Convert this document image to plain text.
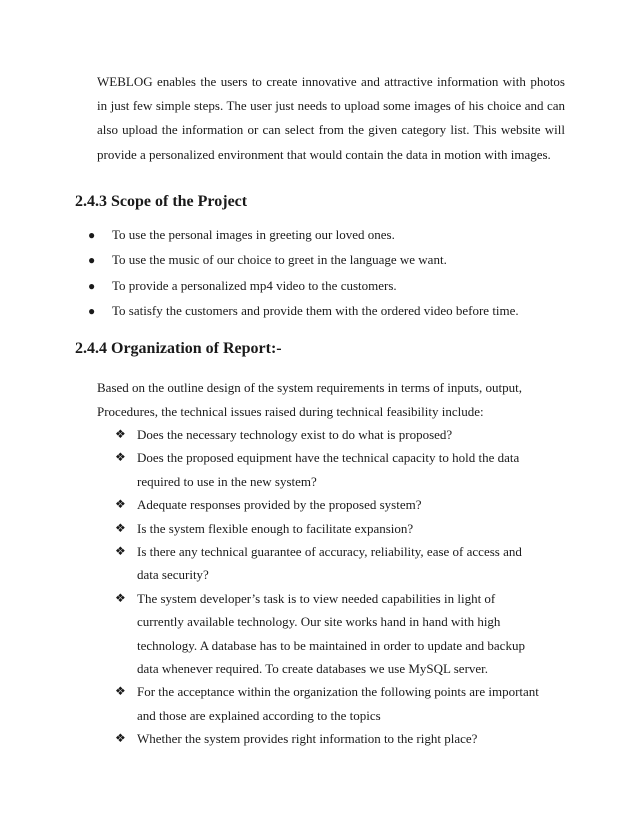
WEBLOG enables the users to create innovative and attractive information with photos in just few simple steps. The user just needs to upload some images of his choice and can also upload the information or can select from the given category list. This website will provide a personalized environment that would contain the data in motion with images.

2.4.3 Scope of the Project
● To use the personal images in greeting our loved ones.
● To use the music of our choice to greet in the language we want.
● To provide a personalized mp4 video to the customers.
● To satisfy the customers and provide them with the ordered video before time.
2.4.4 Organization of Report:-

Based on the outline design of the system requirements in terms of inputs, output,
Procedures, the technical issues raised during technical feasibility include:

❖ Does the necessary technology exist to do what is proposed?
❖ Does the proposed equipment have the technical capacity to hold the data
required to use in the new system?
❖ Adequate responses provided by the proposed system?
❖ Is the system flexible enough to facilitate expansion?
❖ Is there any technical guarantee of accuracy, reliability, ease of access and
data security?
❖ The system developer’s task is to view needed capabilities in light of
currently available technology. Our site works hand in hand with high
technology. A database has to be maintained in order to update and backup
data whenever required. To create databases we use MySQL server.
❖ For the acceptance within the organization the following points are important
and those are explained according to the topics
❖ Whether the system provides right information to the right place?
